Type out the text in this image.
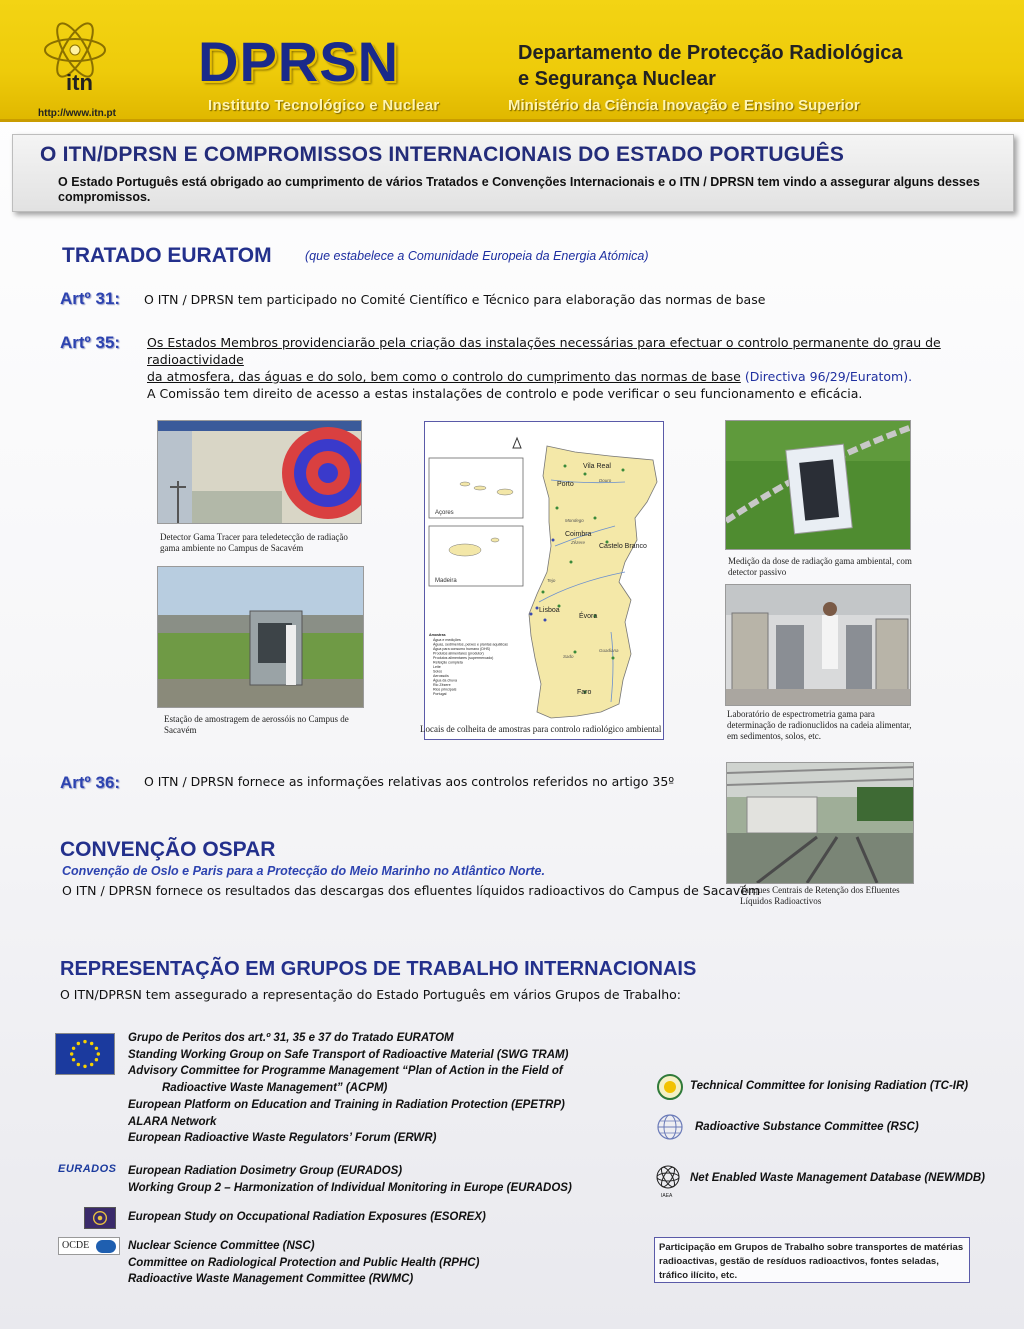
itn
http://www.itn.pt
DPRSN
Instituto Tecnológico e Nuclear
Departamento de Protecção Radiológica
e Segurança Nuclear
Ministério da Ciência Inovação e Ensino Superior
O ITN/DPRSN E COMPROMISSOS INTERNACIONAIS DO ESTADO PORTUGUÊS
O Estado Português está obrigado ao cumprimento de vários Tratados e Convenções Internacionais e o ITN / DPRSN tem vindo a assegurar alguns desses compromissos.
TRATADO EURATOM	(que estabelece a Comunidade Europeia da Energia Atómica)
Artº 31: O ITN / DPRSN tem participado no Comité Científico e Técnico para elaboração das normas de base
Artº 35: Os Estados Membros providenciarão pela criação das instalações necessárias para efectuar o controlo permanente do grau de radioactividade
da atmosfera, das águas e do solo, bem como o controlo do cumprimento das normas de base (Directiva 96/29/Euratom).
A Comissão tem direito de acesso a estas instalações de controlo e pode verificar o seu funcionamento e eficácia.
Detector Gama Tracer para teledetecção de radiação gama ambiente no Campus de Sacavém
Estação de amostragem de aerossóis no Campus de Sacavém
Açores
Madeira
Vila Real
Porto
Coimbra
Castelo Branco
Lisboa
Évora
Faro
Douro
Mondego
Zêzere
Tejo
Sado
Guadiana
Amostras
Água e medições
Águas, sedimentos, peixes e plantas aquáticas
Água para consumo humano (DHS)
Produtos alimentares (produtor)
Produtos alimentares (supermercado)
Refeição completa
Leite
Solos
Aerossóis
Água da chuva
Rio Zêzere
Rios principais
Portugal
Locais de colheita de amostras para controlo radiológico ambiental
Medição da dose de radiação gama ambiental, com detector passivo
Laboratório de espectrometria gama para determinação de radionuclidos na cadeia alimentar, em sedimentos, solos, etc.
Artº 36: O ITN / DPRSN fornece as informações relativas aos controlos referidos no artigo 35º
Tanques Centrais de Retenção dos Efluentes Líquidos Radioactivos
CONVENÇÃO OSPAR
Convenção de Oslo e Paris para a Protecção do Meio Marinho no Atlântico Norte.
O ITN / DPRSN fornece os resultados das descargas dos efluentes líquidos radioactivos do Campus de Sacavém
REPRESENTAÇÃO EM GRUPOS DE TRABALHO INTERNACIONAIS
O ITN/DPRSN tem assegurado a representação do Estado Português em vários Grupos de Trabalho:
Grupo de Peritos dos art.º 31, 35 e 37 do Tratado EURATOM
Standing Working Group on Safe Transport of Radioactive Material (SWG TRAM)
Advisory Committee for Programme Management “Plan of Action in the Field of
Radioactive Waste Management” (ACPM)
European Platform on Education and Training in Radiation Protection (EPETRP)
ALARA Network
European Radioactive Waste Regulators’ Forum (ERWR)
EURADOS European Radiation Dosimetry Group (EURADOS)
Working Group 2 – Harmonization of Individual Monitoring in Europe (EURADOS)
European Study on Occupational Radiation Exposures (ESOREX)
OCDE	Nuclear Science Committee (NSC)
Committee on Radiological Protection and Public Health (RPHC)
Radioactive Waste Management Committee (RWMC)
Technical Committee for Ionising Radiation (TC-IR)
Radioactive Substance Committee (RSC)
IAEA
Net Enabled Waste Management Database (NEWMDB)
Participação em Grupos de Trabalho sobre transportes de matérias radioactivas, gestão de resíduos radioactivos, fontes seladas, tráfico ilícito, etc.
